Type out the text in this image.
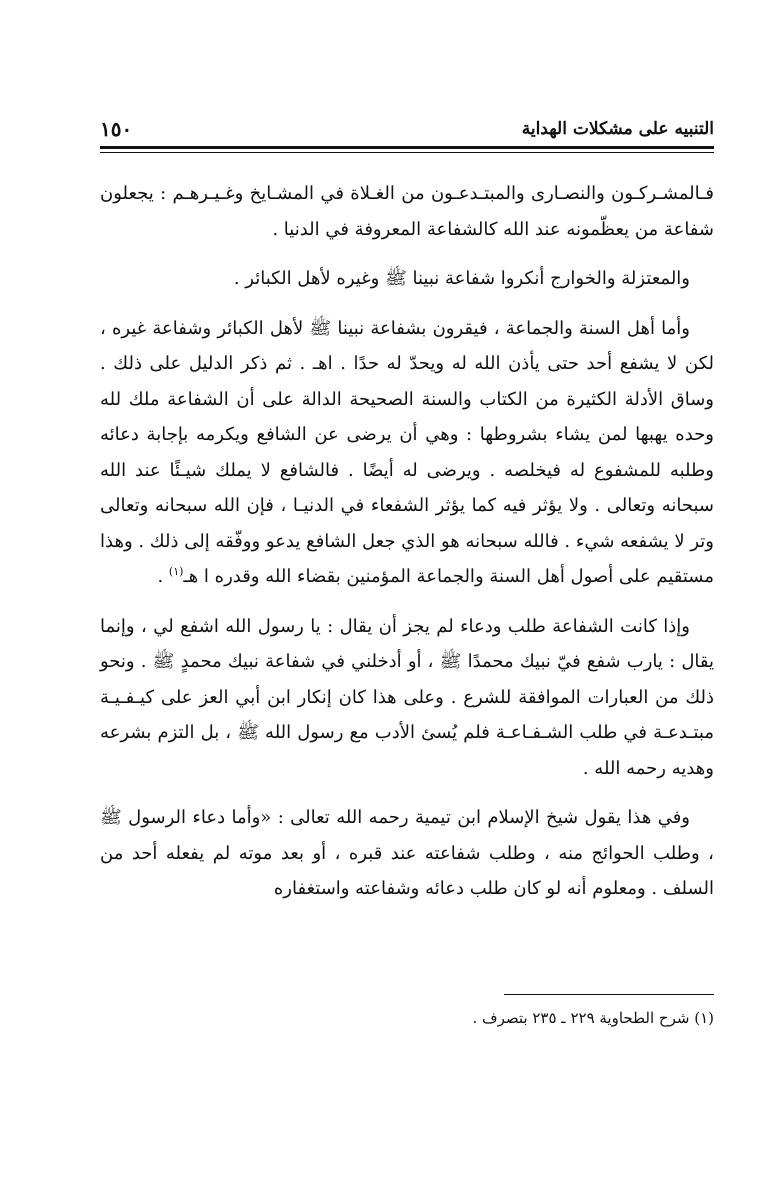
التنبيه على مشكلات الهداية
١٥٠

فـالمشـركـون والنصـارى والمبتـدعـون من الغـلاة في المشـايخ وغـيـرهـم : يجعلون شفاعة من يعظّمونه عند الله كالشفاعة المعروفة في الدنيا .

والمعتزلة والخوارج أنكروا شفاعة نبينا ﷺ وغيره لأهل الكبائر .

وأما أهل السنة والجماعة ، فيقرون بشفاعة نبينا ﷺ لأهل الكبائر وشفاعة غيره ، لكن لا يشفع أحد حتى يأذن الله له ويحدّ له حدًا . اهـ . ثم ذكر الدليل على ذلك . وساق الأدلة الكثيرة من الكتاب والسنة الصحيحة الدالة على أن الشفاعة ملك لله وحده يهبها لمن يشاء بشروطها : وهي أن يرضى عن الشافع ويكرمه بإجابة دعائه وطلبه للمشفوع له فيخلصه . ويرضى له أيضًا . فالشافع لا يملك شيـئًا عند الله سبحانه وتعالى . ولا يؤثر فيه كما يؤثر الشفعاء في الدنيـا ، فإن الله سبحانه وتعالى وتر لا يشفعه شيء . فالله سبحانه هو الذي جعل الشافع يدعو ووفّقه إلى ذلك . وهذا مستقيم على أصول أهل السنة والجماعة المؤمنين بقضاء الله وقدره ا هـ$^{(١)}$ .

وإذا كانت الشفاعة طلب ودعاء لم يجز أن يقال : يا رسول الله اشفع لي ، وإنما يقال : يارب شفع فيّ نبيك محمدًا ﷺ ، أو أدخلني في شفاعة نبيك محمدٍ ﷺ . ونحو ذلك من العبارات الموافقة للشرع . وعلى هذا كان إنكار ابن أبي العز على كيـفـيـة مبتـدعـة في طلب الشـفـاعـة فلم يُسئ الأدب مع رسول الله ﷺ ، بل التزم بشرعه وهديه رحمه الله .

وفي هذا يقول شيخ الإسلام ابن تيمية رحمه الله تعالى : «وأما دعاء الرسول ﷺ ، وطلب الحوائج منه ، وطلب شفاعته عند قبره ، أو بعد موته لم يفعله أحد من السلف . ومعلوم أنه لو كان طلب دعائه وشفاعته واستغفاره

(١) شرح الطحاوية ٢٢٩ ـ ٢٣٥ بتصرف .
